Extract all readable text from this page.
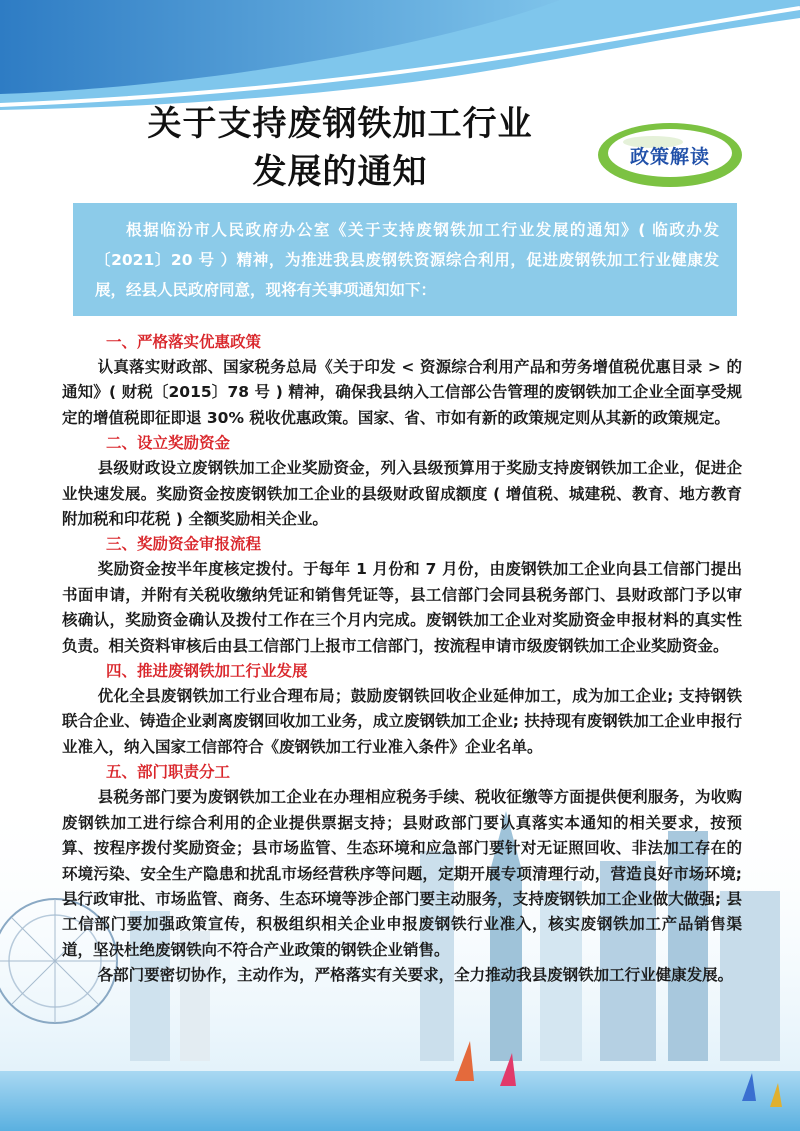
关于支持废钢铁加工行业
发展的通知	政策解读
根据临汾市人民政府办公室《关于支持废钢铁加工行业发展的通知》( 临政办发〔2021〕20 号 ）精神，为推进我县废钢铁资源综合利用，促进废钢铁加工行业健康发展，经县人民政府同意，现将有关事项通知如下：

一、严格落实优惠政策

认真落实财政部、国家税务总局《关于印发 < 资源综合利用产品和劳务增值税优惠目录 > 的通知》( 财税〔2015〕78 号 ) 精神，确保我县纳入工信部公告管理的废钢铁加工企业全面享受规定的增值税即征即退 30% 税收优惠政策。国家、省、市如有新的政策规定则从其新的政策规定。

二、设立奖励资金

县级财政设立废钢铁加工企业奖励资金，列入县级预算用于奖励支持废钢铁加工企业，促进企业快速发展。奖励资金按废钢铁加工企业的县级财政留成额度 ( 增值税、城建税、教育、地方教育附加税和印花税 ) 全额奖励相关企业。

三、奖励资金审报流程

奖励资金按半年度核定拨付。于每年 1 月份和 7 月份，由废钢铁加工企业向县工信部门提出书面申请，并附有关税收缴纳凭证和销售凭证等，县工信部门会同县税务部门、县财政部门予以审核确认，奖励资金确认及拨付工作在三个月内完成。废钢铁加工企业对奖励资金申报材料的真实性负责。相关资料审核后由县工信部门上报市工信部门，按流程申请市级废钢铁加工企业奖励资金。

四、推进废钢铁加工行业发展

优化全县废钢铁加工行业合理布局；鼓励废钢铁回收企业延伸加工，成为加工企业; 支持钢铁联合企业、铸造企业剥离废钢回收加工业务，成立废钢铁加工企业; 扶持现有废钢铁加工企业申报行业准入，纳入国家工信部符合《废钢铁加工行业准入条件》企业名单。

五、部门职责分工

县税务部门要为废钢铁加工企业在办理相应税务手续、税收征缴等方面提供便利服务，为收购废钢铁加工进行综合利用的企业提供票据支持；县财政部门要认真落实本通知的相关要求，按预算、按程序拨付奖励资金；县市场监管、生态环境和应急部门要针对无证照回收、非法加工存在的环境污染、安全生产隐患和扰乱市场经营秩序等问题，定期开展专项清理行动，营造良好市场环境; 县行政审批、市场监管、商务、生态环境等涉企部门要主动服务，支持废钢铁加工企业做大做强; 县工信部门要加强政策宣传，积极组织相关企业申报废钢铁行业准入，核实废钢铁加工产品销售渠道，坚决杜绝废钢铁向不符合产业政策的钢铁企业销售。

各部门要密切协作，主动作为，严格落实有关要求，全力推动我县废钢铁加工行业健康发展。
